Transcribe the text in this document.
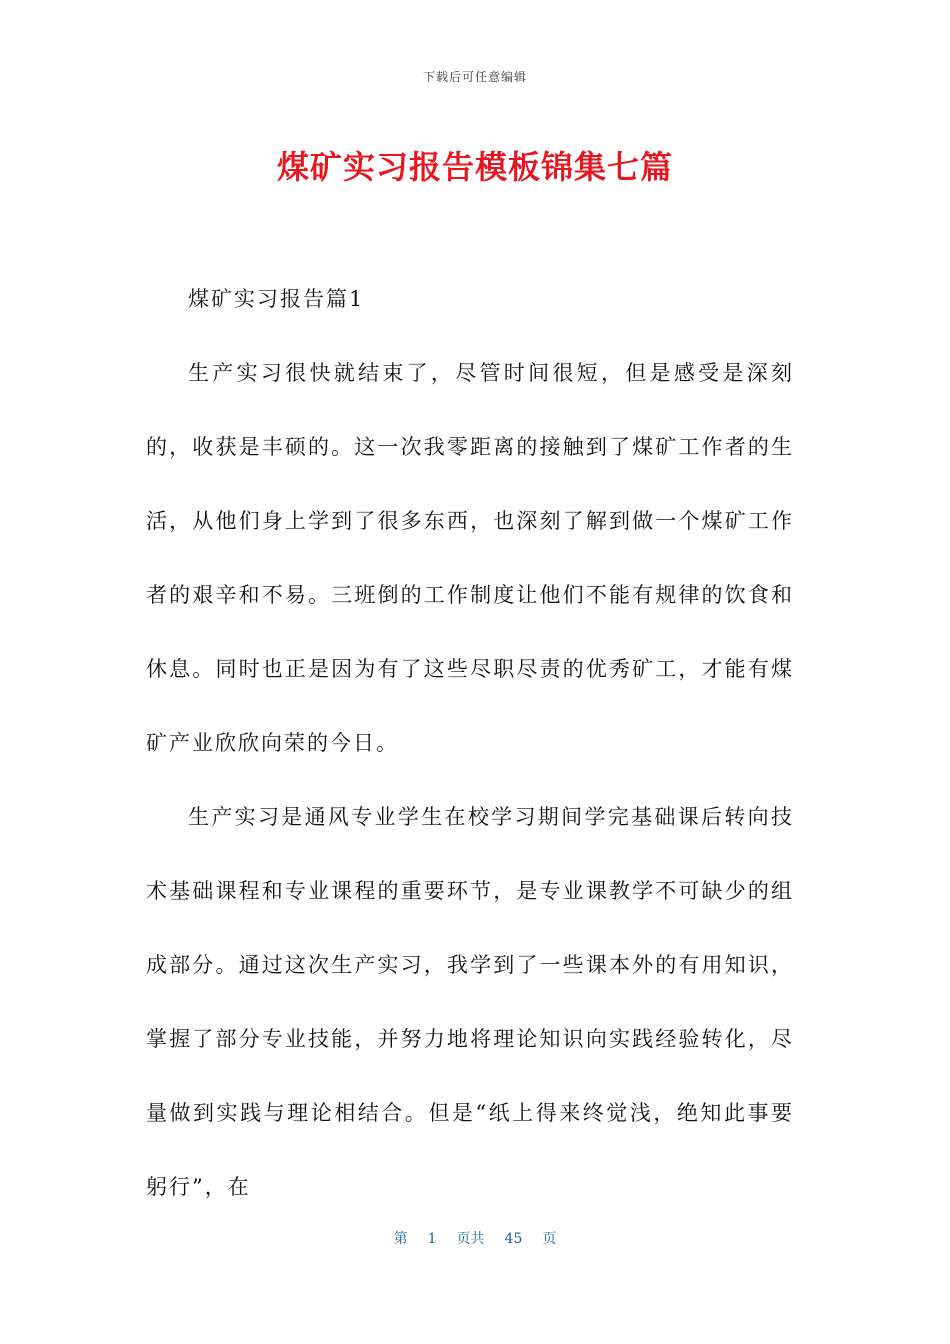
下载后可任意编辑
煤矿实习报告模板锦集七篇

煤矿实习报告篇1

生产实习很快就结束了，尽管时间很短，但是感受是深刻的，收获是丰硕的。这一次我零距离的接触到了煤矿工作者的生活，从他们身上学到了很多东西，也深刻了解到做一个煤矿工作者的艰辛和不易。三班倒的工作制度让他们不能有规律的饮食和休息。同时也正是因为有了这些尽职尽责的优秀矿工，才能有煤矿产业欣欣向荣的今日。

生产实习是通风专业学生在校学习期间学完基础课后转向技术基础课程和专业课程的重要环节，是专业课教学不可缺少的组成部分。通过这次生产实习，我学到了一些课本外的有用知识，掌握了部分专业技能，并努力地将理论知识向实践经验转化，尽量做到实践与理论相结合。但是“纸上得来终觉浅，绝知此事要躬行”，在

第 1 页共 45 页
